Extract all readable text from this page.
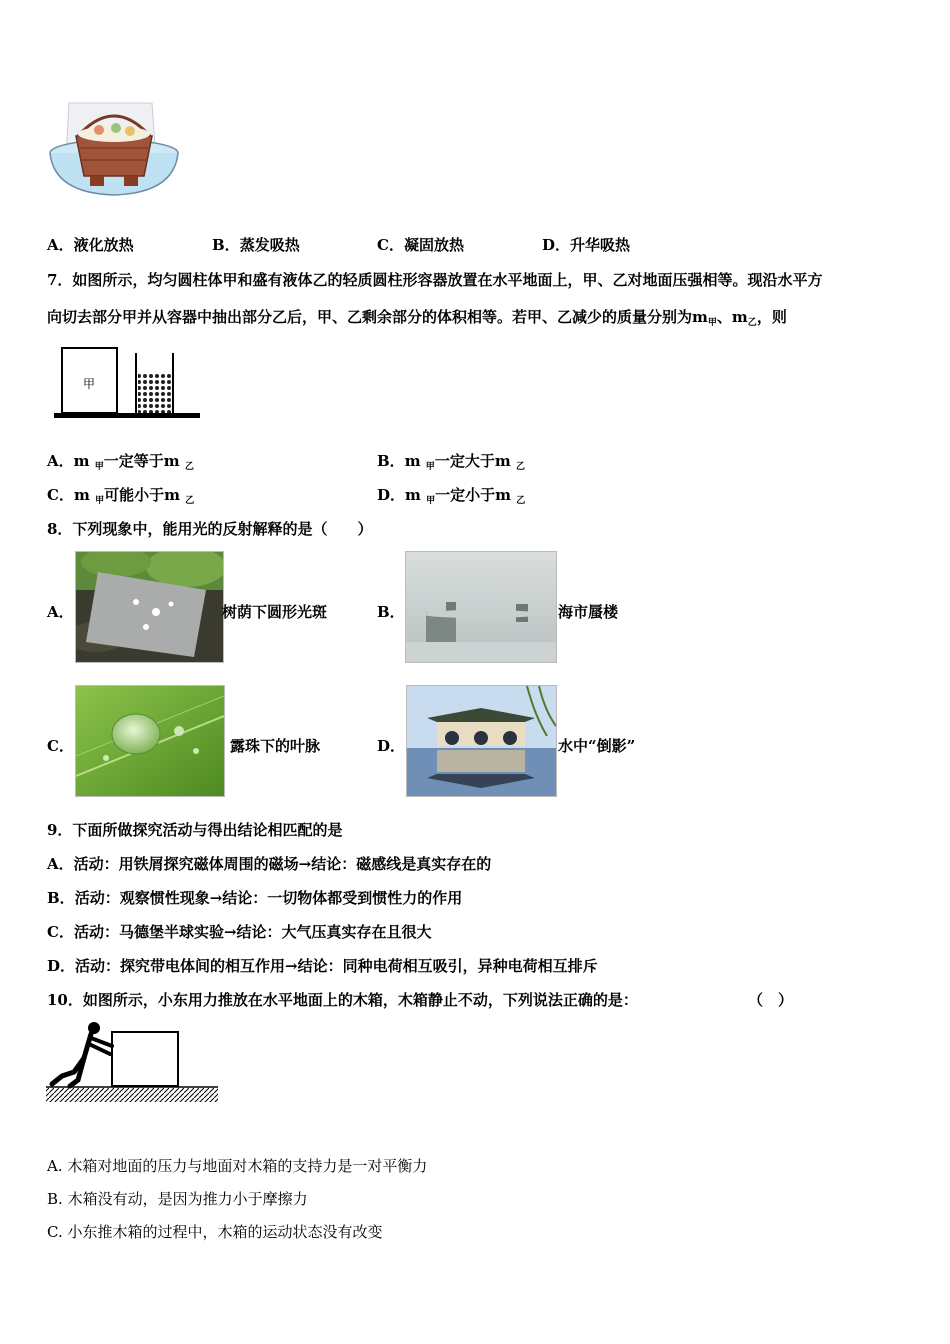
A．液化放热	B．蒸发吸热	C．凝固放热	D．升华吸热
7．如图所示，均匀圆柱体甲和盛有液体乙的轻质圆柱形容器放置在水平地面上，甲、乙对地面压强相等。现沿水平方
向切去部分甲并从容器中抽出部分乙后，甲、乙剩余部分的体积相等。若甲、乙减少的质量分别为$m_甲$、$m_乙$，则
甲
A．m $_甲$一定等于m $_乙$	B．m $_甲$一定大于m $_乙$
C．m $_甲$可能小于m $_乙$	D．m $_甲$一定小于m $_乙$
8．下列现象中，能用光的反射解释的是（　　）
A．	树荫下圆形光斑	B．	海市蜃楼
C．	露珠下的叶脉	D．	水中“倒影”
9．下面所做探究活动与得出结论相匹配的是
A．活动：用铁屑探究磁体周围的磁场→结论：磁感线是真实存在的
B．活动：观察惯性现象→结论：一切物体都受到惯性力的作用
C．活动：马德堡半球实验→结论：大气压真实存在且很大
D．活动：探究带电体间的相互作用→结论：同种电荷相互吸引，异种电荷相互排斥
10．如图所示，小东用力推放在水平地面上的木箱，木箱静止不动，下列说法正确的是：	（　）
A. 木箱对地面的压力与地面对木箱的支持力是一对平衡力
B. 木箱没有动，是因为推力小于摩擦力
C. 小东推木箱的过程中，木箱的运动状态没有改变
